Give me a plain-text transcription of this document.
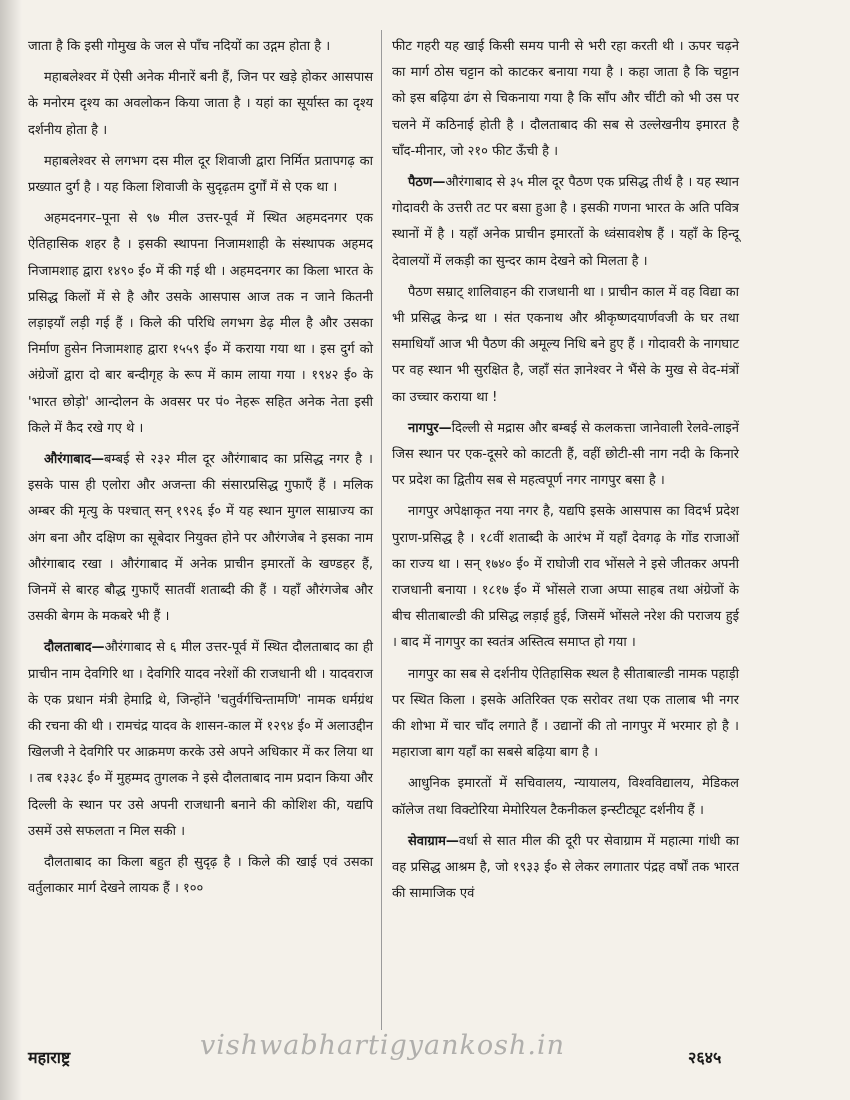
जाता है कि इसी गोमुख के जल से पाँच नदियों का उद्गम होता है ।

महाबलेश्वर में ऐसी अनेक मीनारें बनी हैं, जिन पर खड़े होकर आसपास के मनोरम दृश्य का अवलोकन किया जाता है । यहां का सूर्यास्त का दृश्य दर्शनीय होता है ।

महाबलेश्वर से लगभग दस मील दूर शिवाजी द्वारा निर्मित प्रतापगढ़ का प्रख्यात दुर्ग है । यह किला शिवाजी के सुदृढ़तम दुर्गों में से एक था ।

अहमदनगर–पूना से ९७ मील उत्तर-पूर्व में स्थित अहमदनगर एक ऐतिहासिक शहर है । इसकी स्थापना निजामशाही के संस्थापक अहमद निजामशाह द्वारा १४९० ई० में की गई थी । अहमदनगर का किला भारत के प्रसिद्ध किलों में से है और उसके आसपास आज तक न जाने कितनी लड़ाइयाँ लड़ी गई हैं । किले की परिधि लगभग डेढ़ मील है और उसका निर्माण हुसेन निजामशाह द्वारा १५५९ ई० में कराया गया था । इस दुर्ग को अंग्रेजों द्वारा दो बार बन्दीगृह के रूप में काम लाया गया । १९४२ ई० के 'भारत छोड़ो' आन्दोलन के अवसर पर पं० नेहरू सहित अनेक नेता इसी किले में कैद रखे गए थे ।

औरंगाबाद—बम्बई से २३२ मील दूर औरंगाबाद का प्रसिद्ध नगर है । इसके पास ही एलोरा और अजन्ता की संसारप्रसिद्ध गुफाएँ हैं । मलिक अम्बर की मृत्यु के पश्चात् सन् १९२६ ई० में यह स्थान मुगल साम्राज्य का अंग बना और दक्षिण का सूबेदार नियुक्त होने पर औरंगजेब ने इसका नाम औरंगाबाद रखा । औरंगाबाद में अनेक प्राचीन इमारतों के खण्डहर हैं, जिनमें से बारह बौद्ध गुफाएँ सातवीं शताब्दी की हैं । यहाँ औरंगजेब और उसकी बेगम के मकबरे भी हैं ।

दौलताबाद—औरंगाबाद से ६ मील उत्तर-पूर्व में स्थित दौलताबाद का ही प्राचीन नाम देवगिरि था । देवगिरि यादव नरेशों की राजधानी थी । यादवराज के एक प्रधान मंत्री हेमाद्रि थे, जिन्होंने 'चतुर्वर्गचिन्तामणि' नामक धर्मग्रंथ की रचना की थी । रामचंद्र यादव के शासन-काल में १२९४ ई० में अलाउद्दीन खिलजी ने देवगिरि पर आक्रमण करके उसे अपने अधिकार में कर लिया था । तब १३३८ ई० में मुहम्मद तुगलक ने इसे दौलताबाद नाम प्रदान किया और दिल्ली के स्थान पर उसे अपनी राजधानी बनाने की कोशिश की, यद्यपि उसमें उसे सफलता न मिल सकी ।

दौलताबाद का किला बहुत ही सुदृढ़ है । किले की खाई एवं उसका वर्तुलाकार मार्ग देखने लायक हैं । १००

फीट गहरी यह खाई किसी समय पानी से भरी रहा करती थी । ऊपर चढ़ने का मार्ग ठोस चट्टान को काटकर बनाया गया है । कहा जाता है कि चट्टान को इस बढ़िया ढंग से चिकनाया गया है कि साँप और चींटी को भी उस पर चलने में कठिनाई होती है । दौलताबाद की सब से उल्लेखनीय इमारत है चाँद-मीनार, जो २१० फीट ऊँची है ।

पैठण—औरंगाबाद से ३५ मील दूर पैठण एक प्रसिद्ध तीर्थ है । यह स्थान गोदावरी के उत्तरी तट पर बसा हुआ है । इसकी गणना भारत के अति पवित्र स्थानों में है । यहाँ अनेक प्राचीन इमारतों के ध्वंसावशेष हैं । यहाँ के हिन्दू देवालयों में लकड़ी का सुन्दर काम देखने को मिलता है ।

पैठण सम्राट् शालिवाहन की राजधानी था । प्राचीन काल में वह विद्या का भी प्रसिद्ध केन्द्र था । संत एकनाथ और श्रीकृष्णदयार्णवजी के घर तथा समाधियाँ आज भी पैठण की अमूल्य निधि बने हुए हैं । गोदावरी के नागघाट पर वह स्थान भी सुरक्षित है, जहाँ संत ज्ञानेश्वर ने भैंसे के मुख से वेद-मंत्रों का उच्चार कराया था !

नागपुर—दिल्ली से मद्रास और बम्बई से कलकत्ता जानेवाली रेलवे-लाइनें जिस स्थान पर एक-दूसरे को काटती हैं, वहीं छोटी-सी नाग नदी के किनारे पर प्रदेश का द्वितीय सब से महत्वपूर्ण नगर नागपुर बसा है ।

नागपुर अपेक्षाकृत नया नगर है, यद्यपि इसके आसपास का विदर्भ प्रदेश पुराण-प्रसिद्ध है । १८वीं शताब्दी के आरंभ में यहाँ देवगढ़ के गोंड राजाओं का राज्य था । सन् १७४० ई० में राघोजी राव भोंसले ने इसे जीतकर अपनी राजधानी बनाया । १८१७ ई० में भोंसले राजा अप्पा साहब तथा अंग्रेजों के बीच सीताबाल्डी की प्रसिद्ध लड़ाई हुई, जिसमें भोंसले नरेश की पराजय हुई । बाद में नागपुर का स्वतंत्र अस्तित्व समाप्त हो गया ।

नागपुर का सब से दर्शनीय ऐतिहासिक स्थल है सीताबाल्डी नामक पहाड़ी पर स्थित किला । इसके अतिरिक्त एक सरोवर तथा एक तालाब भी नगर की शोभा में चार चाँद लगाते हैं । उद्यानों की तो नागपुर में भरमार हो है । महाराजा बाग यहाँ का सबसे बढ़िया बाग है ।

आधुनिक इमारतों में सचिवालय, न्यायालय, विश्वविद्यालय, मेडिकल कॉलेज तथा विक्टोरिया मेमोरियल टैकनीकल इन्स्टीट्यूट दर्शनीय हैं ।

सेवाग्राम—वर्धा से सात मील की दूरी पर सेवाग्राम में महात्मा गांधी का वह प्रसिद्ध आश्रम है, जो १९३३ ई० से लेकर लगातार पंद्रह वर्षों तक भारत की सामाजिक एवं

महाराष्ट्र	vishwabhartigyankosh.in	२६४५
